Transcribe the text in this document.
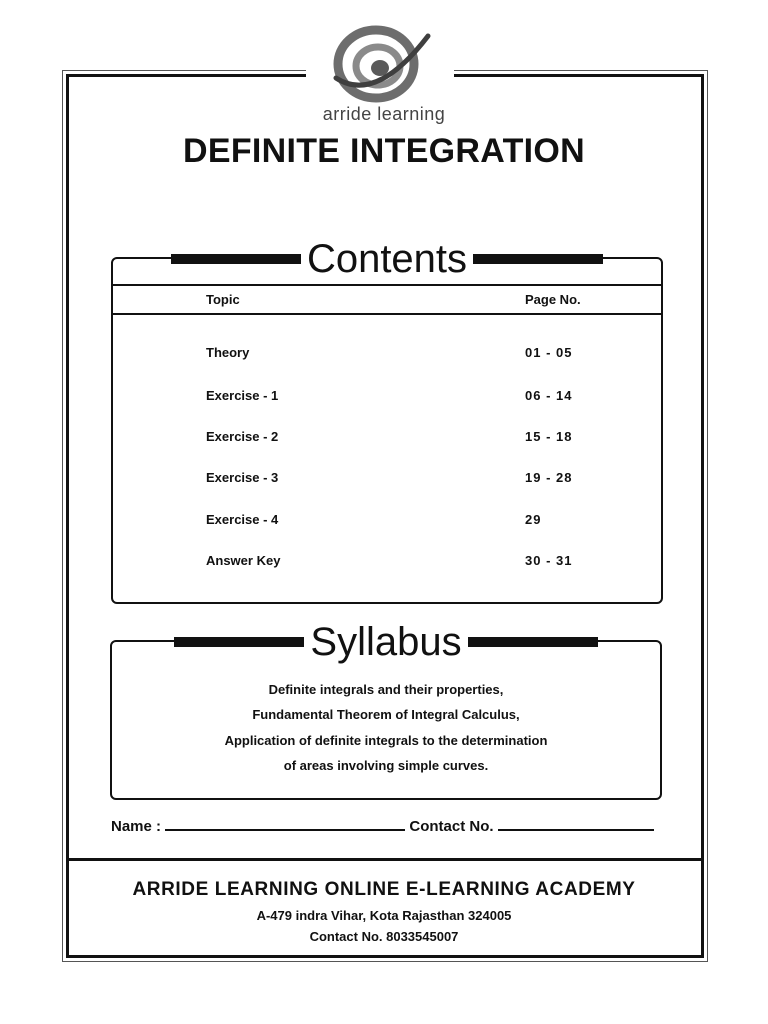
arride learning
DEFINITE INTEGRATION
Contents
Topic	Page No.
Theory	01 - 05
Exercise - 1	06 - 14
Exercise - 2	15 - 18
Exercise - 3	19 - 28
Exercise - 4	29
Answer Key	30 - 31
Syllabus
Definite integrals and their properties,
Fundamental Theorem of Integral Calculus,
Application of definite integrals to the determination
of areas involving simple curves.
Name :	Contact No.
ARRIDE LEARNING ONLINE E-LEARNING ACADEMY
A-479 indra Vihar, Kota Rajasthan 324005
Contact No. 8033545007
